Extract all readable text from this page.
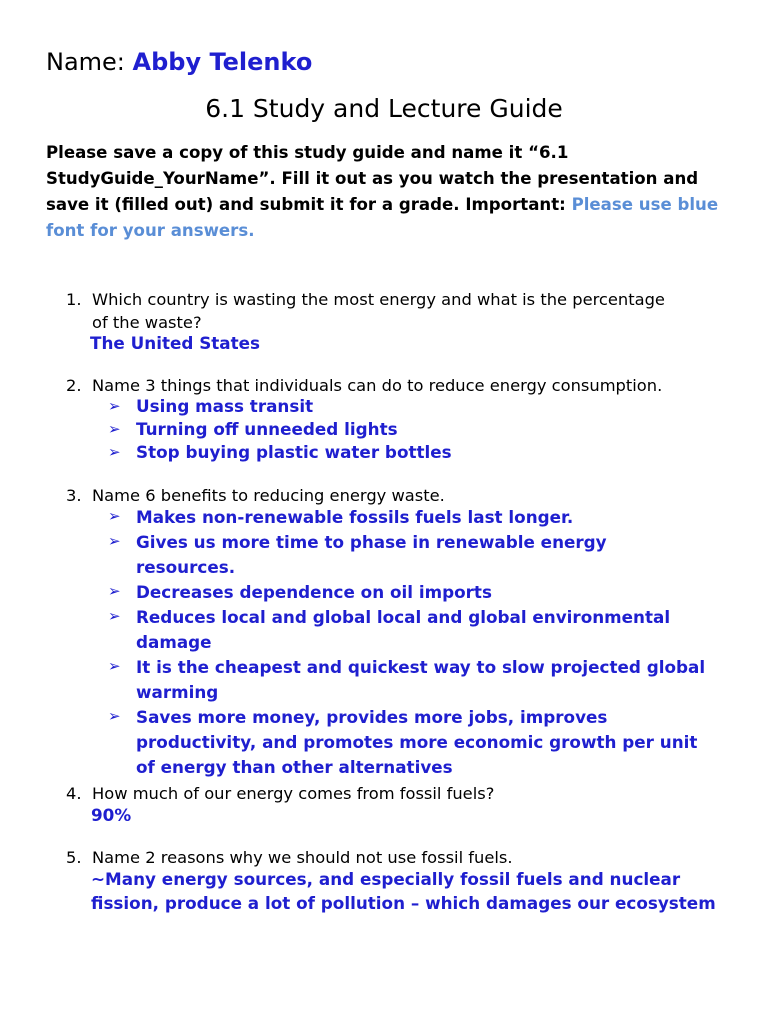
Name: Abby Telenko
6.1 Study and Lecture Guide
Please save a copy of this study guide and name it “6.1 StudyGuide_YourName”. Fill it out as you watch the presentation and save it (filled out) and submit it for a grade. Important: Please use blue font for your answers.
1. Which country is wasting the most energy and what is the percentage
of the waste?
The United States
2. Name 3 things that individuals can do to reduce energy consumption.
➢ Using mass transit
➢ Turning off unneeded lights
➢ Stop buying plastic water bottles
3. Name 6 benefits to reducing energy waste.
➢ Makes non-renewable fossils fuels last longer.
➢ Gives us more time to phase in renewable energy resources.
➢ Decreases dependence on oil imports
➢ Reduces local and global local and global environmental damage
➢ It is the cheapest and quickest way to slow projected global warming
➢ Saves more money, provides more jobs, improves productivity, and promotes more economic growth per unit of energy than other alternatives
4. How much of our energy comes from fossil fuels?
90%
5. Name 2 reasons why we should not use fossil fuels.
~Many energy sources, and especially fossil fuels and nuclear fission, produce a lot of pollution – which damages our ecosystem
